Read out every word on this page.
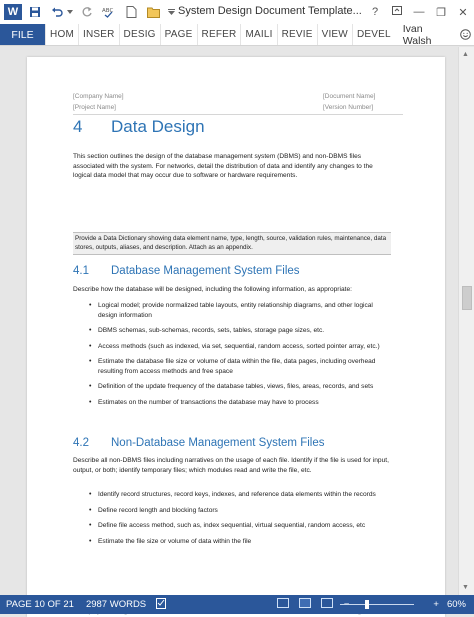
W	ABC	System Design Document Template... ?	—	❐	✕
FILE	HOM INSER DESIG PAGE REFER MAILI REVIE VIEW DEVEL	Ivan Walsh
[Company Name]
[Project Name]
[Document Name]
[Version Number]
4 Data Design
This section outlines the design of the database management system (DBMS) and non-DBMS files associated with the system. For networks, detail the distribution of data and identify any changes to the logical data model that may occur due to software or hardware requirements.
Provide a Data Dictionary showing data element name, type, length, source, validation rules, maintenance, data stores, outputs, aliases, and description. Attach as an appendix.
4.1 Database Management System Files
Describe how the database will be designed, including the following information, as appropriate:
• Logical model; provide normalized table layouts, entity relationship diagrams, and other logical design information
• DBMS schemas, sub-schemas, records, sets, tables, storage page sizes, etc.
• Access methods (such as indexed, via set, sequential, random access, sorted pointer array, etc.)
• Estimate the database file size or volume of data within the file, data pages, including overhead resulting from access methods and free space
• Definition of the update frequency of the database tables, views, files, areas, records, and sets
• Estimates on the number of transactions the database may have to process
4.2 Non-Database Management System Files
Describe all non-DBMS files including narratives on the usage of each file. Identify if the file is used for input, output, or both; identify temporary files; which modules read and write the file, etc.
• Identify record structures, record keys, indexes, and reference data elements within the records
• Define record length and blocking factors
• Define file access method, such as, index sequential, virtual sequential, random access, etc
• Estimate the file size or volume of data within the file
▲
▼
PAGE 10 OF 21	2987 WORDS	+ 60%
